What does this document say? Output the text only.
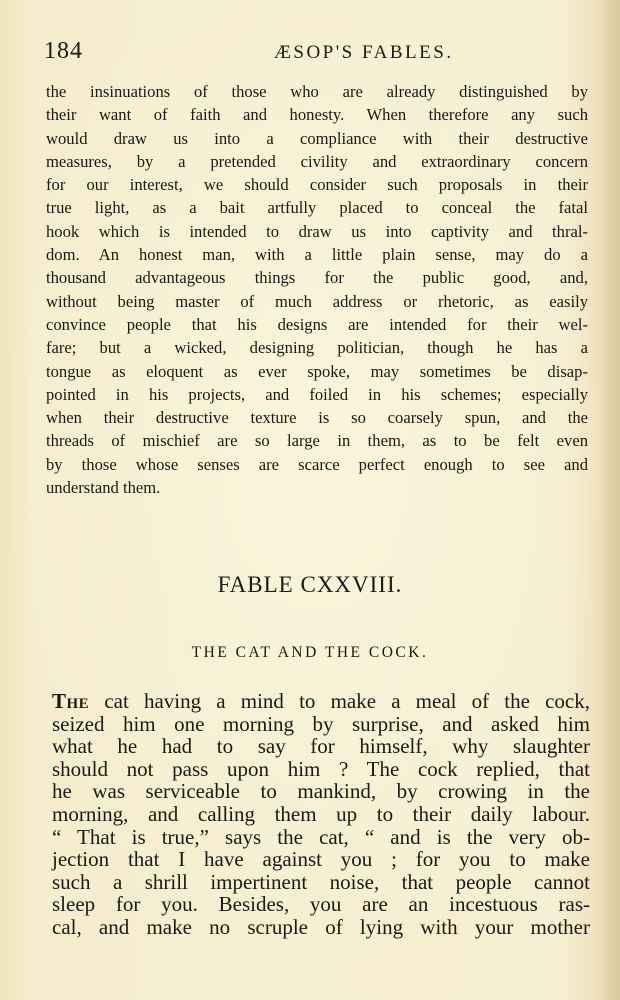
184	ÆSOP'S FABLES.
the insinuations of those who are already distinguished by
their want of faith and honesty. When therefore any such
would draw us into a compliance with their destructive
measures, by a pretended civility and extraordinary concern
for our interest, we should consider such proposals in their
true light, as a bait artfully placed to conceal the fatal
hook which is intended to draw us into captivity and thral-
dom. An honest man, with a little plain sense, may do a
thousand advantageous things for the public good, and,
without being master of much address or rhetoric, as easily
convince people that his designs are intended for their wel-
fare; but a wicked, designing politician, though he has a
tongue as eloquent as ever spoke, may sometimes be disap-
pointed in his projects, and foiled in his schemes; especially
when their destructive texture is so coarsely spun, and the
threads of mischief are so large in them, as to be felt even
by those whose senses are scarce perfect enough to see and
understand them.
FABLE CXXVIII.
THE CAT AND THE COCK.
The cat having a mind to make a meal of the cock,
seized him one morning by surprise, and asked him
what he had to say for himself, why slaughter
should not pass upon him ? The cock replied, that
he was serviceable to mankind, by crowing in the
morning, and calling them up to their daily labour.
“ That is true,” says the cat, “ and is the very ob-
jection that I have against you ; for you to make
such a shrill impertinent noise, that people cannot
sleep for you. Besides, you are an incestuous ras-
cal, and make no scruple of lying with your mother
